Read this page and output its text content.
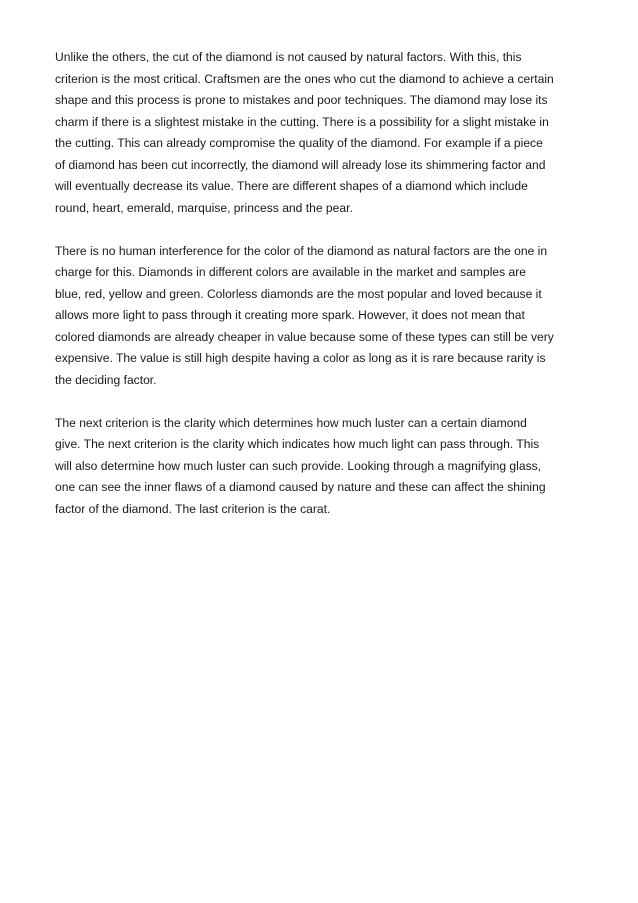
Unlike the others, the cut of the diamond is not caused by natural factors. With this, this
criterion is the most critical. Craftsmen are the ones who cut the diamond to achieve a certain
shape and this process is prone to mistakes and poor techniques. The diamond may lose its
charm if there is a slightest mistake in the cutting. There is a possibility for a slight mistake in
the cutting. This can already compromise the quality of the diamond. For example if a piece
of diamond has been cut incorrectly, the diamond will already lose its shimmering factor and
will eventually decrease its value. There are different shapes of a diamond which include
round, heart, emerald, marquise, princess and the pear.

There is no human interference for the color of the diamond as natural factors are the one in
charge for this. Diamonds in different colors are available in the market and samples are
blue, red, yellow and green. Colorless diamonds are the most popular and loved because it
allows more light to pass through it creating more spark. However, it does not mean that
colored diamonds are already cheaper in value because some of these types can still be very
expensive. The value is still high despite having a color as long as it is rare because rarity is
the deciding factor.

The next criterion is the clarity which determines how much luster can a certain diamond
give. The next criterion is the clarity which indicates how much light can pass through. This
will also determine how much luster can such provide. Looking through a magnifying glass,
one can see the inner flaws of a diamond caused by nature and these can affect the shining
factor of the diamond. The last criterion is the carat.
